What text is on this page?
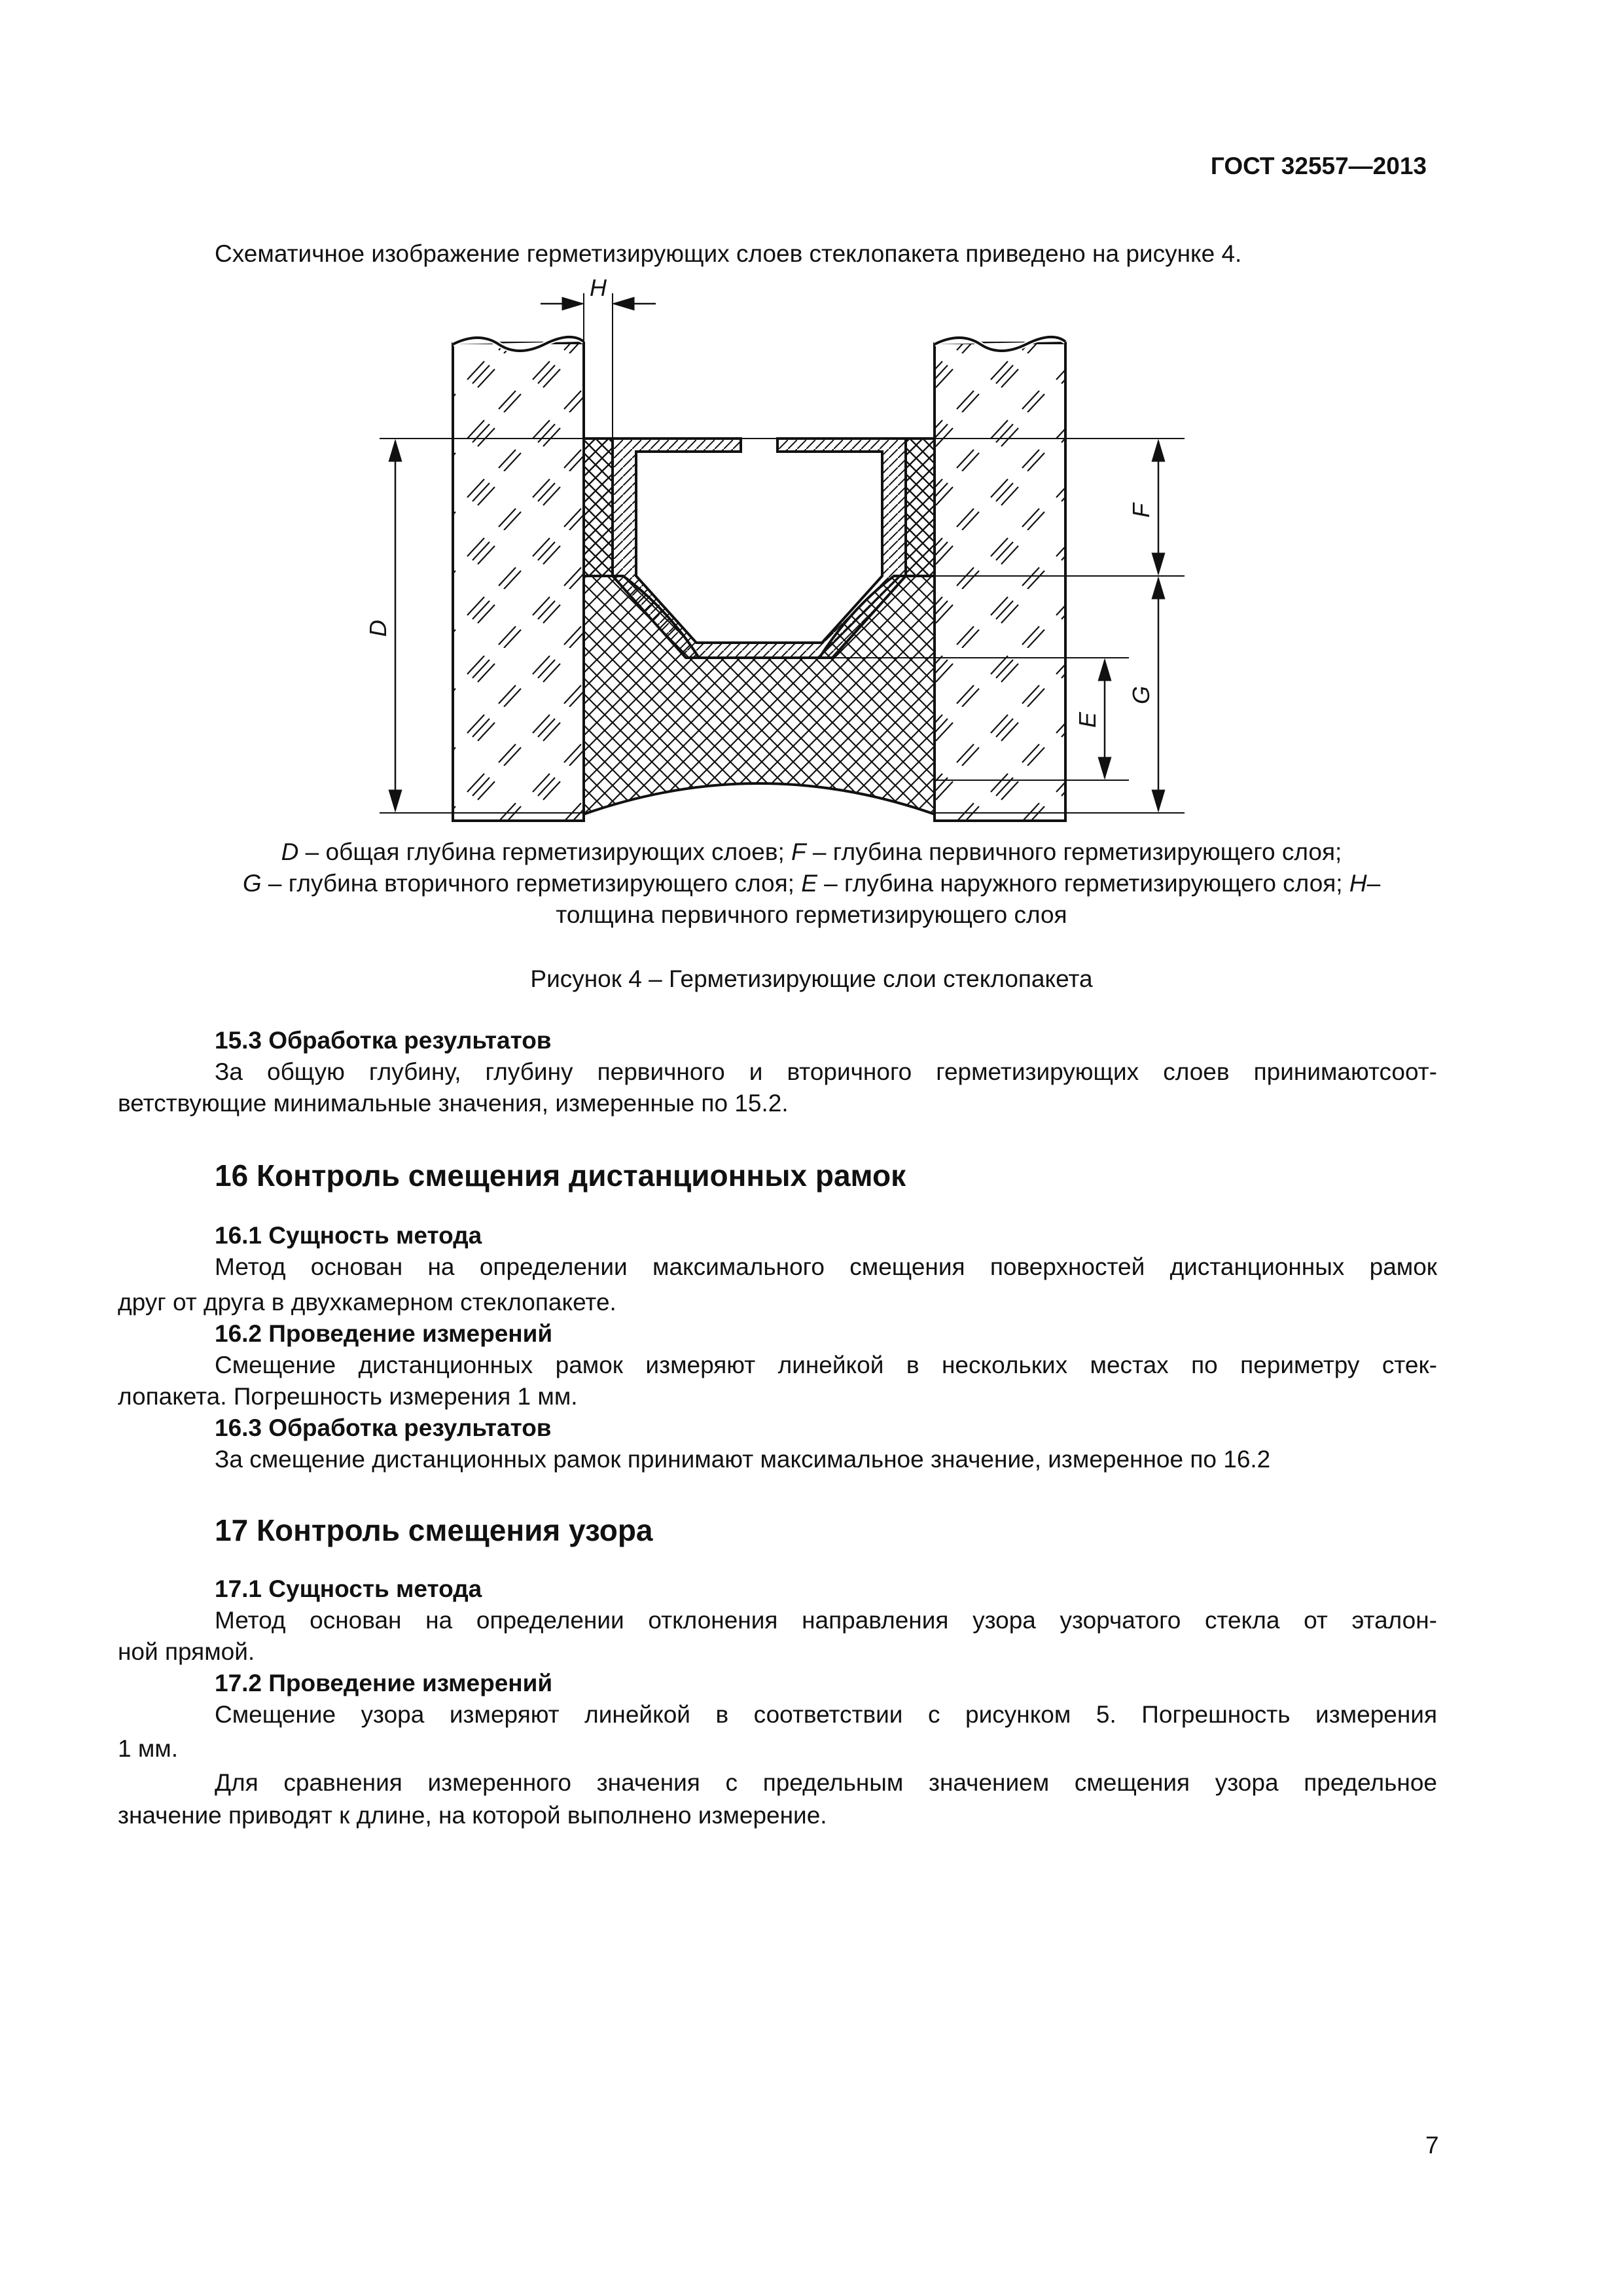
ГОСТ 32557—2013
Схематичное изображение герметизирующих слоев стеклопакета приведено на рисунке 4.
H
D
F
G
E
D – общая глубина герметизирующих слоев; F – глубина первичного герметизирующего слоя;
G – глубина вторичного герметизирующего слоя; E – глубина наружного герметизирующего слоя; H–
толщина первичного герметизирующего слоя
Рисунок 4 – Герметизирующие слои стеклопакета
15.3 Обработка результатов
За общую глубину, глубину первичного и вторичного герметизирующих слоев принимаютсоот-
ветствующие минимальные значения, измеренные по 15.2.
16 Контроль смещения дистанционных рамок
16.1 Сущность метода
Метод основан на определении максимального смещения поверхностей дистанционных рамок
друг от друга в двухкамерном стеклопакете.
16.2 Проведение измерений
Смещение дистанционных рамок измеряют линейкой в нескольких местах по периметру стек-
лопакета. Погрешность измерения 1 мм.
16.3 Обработка результатов
За смещение дистанционных рамок принимают максимальное значение, измеренное по 16.2
17 Контроль смещения узора
17.1 Сущность метода
Метод основан на определении отклонения направления узора узорчатого стекла от эталон-
ной прямой.
17.2 Проведение измерений
Смещение узора измеряют линейкой в соответствии с рисунком 5. Погрешность измерения
1 мм.
Для сравнения измеренного значения с предельным значением смещения узора предельное
значение приводят к длине, на которой выполнено измерение.
7
